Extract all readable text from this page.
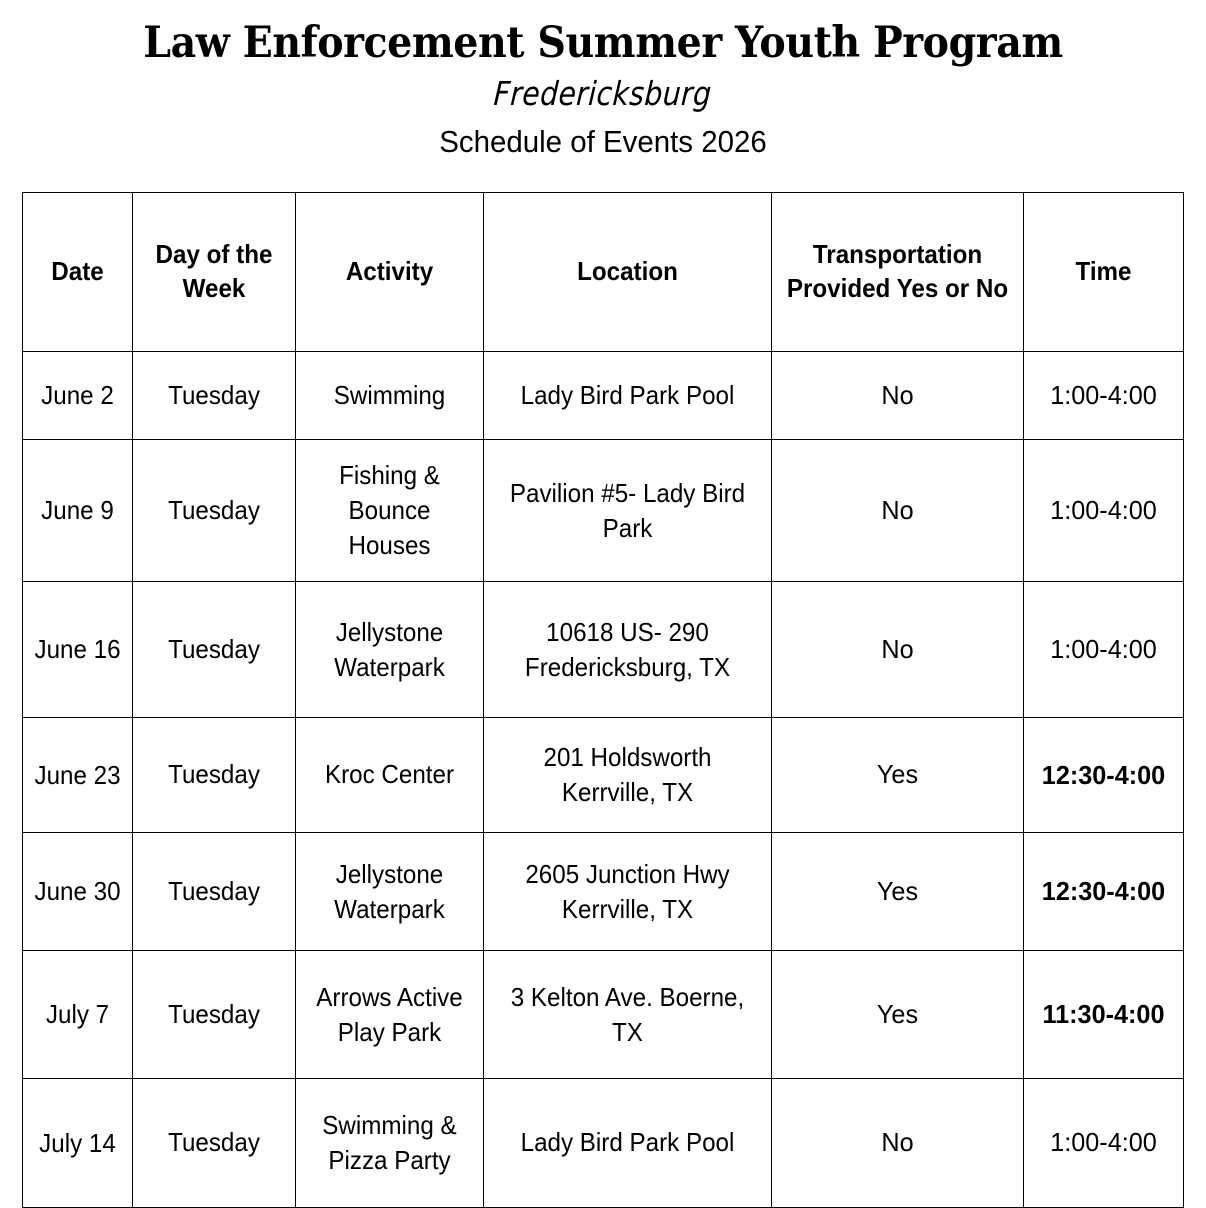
Law Enforcement Summer Youth Program
Fredericksburg
Schedule of Events 2026
Date	Day of the Week	Activity	Location	Transportation Provided Yes or No	Time

June 2	Tuesday	Swimming	Lady Bird Park Pool	No	1:00-4:00

June 9	Tuesday	Fishing & Bounce Houses	Pavilion #5- Lady Bird Park	No	1:00-4:00

June 16	Tuesday	Jellystone Waterpark	10618 US- 290 Fredericksburg, TX	No	1:00-4:00

June 23	Tuesday	Kroc Center	201 Holdsworth Kerrville, TX	Yes	12:30-4:00

June 30	Tuesday	Jellystone Waterpark	2605 Junction Hwy Kerrville, TX	Yes	12:30-4:00

July 7	Tuesday	Arrows Active Play Park	3 Kelton Ave. Boerne, TX	Yes	11:30-4:00

July 14	Tuesday	Swimming & Pizza Party	Lady Bird Park Pool	No	1:00-4:00
